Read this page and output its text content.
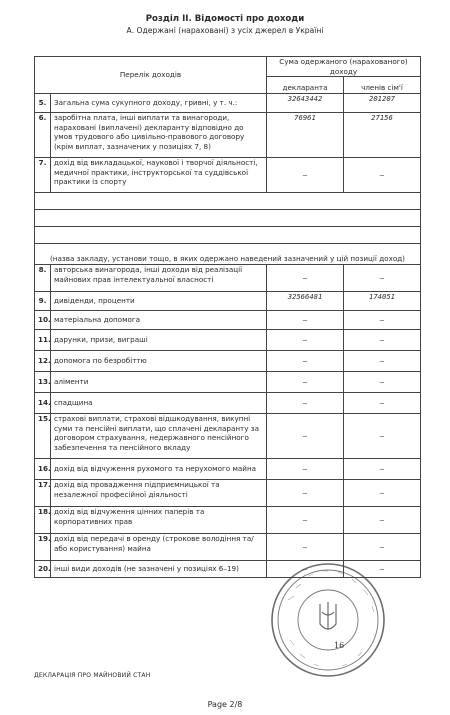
Розділ II. Відомості про доходи
А. Одержані (нараховані) з усіх джерел в Україні
Перелік доходів		Сума одержаного (нарахованого) доходу	
		декларанта	членів сім'ї
5.	Загальна сума сукупного доходу, гривні, у т. ч.:	32643442	201207
6.	заробітна плата, інші виплати та винагороди, нараховані (виплачені) декларанту відповідно до умов трудового або цивільно-правового договору (крім виплат, зазначених у позиціях 7, 8)	76961	27156
7.	дохід від викладацької, наукової і творчої діяльності, медичної практики, інструкторської та суддівської практики із спорту	—	—

(назва закладу, установи тощо, в яких одержано наведений зазначений у цій позиції доход)			
8.	авторська винагорода, інші доходи від реалізації майнових прав інтелектуальної власності	—	—
9.	дивіденди, проценти	32566481	174051
10.	матеріальна допомога	—	—
11.	дарунки, призи, виграші	—	—
12.	допомога по безробіттю	—	—
13.	аліменти	—	—
14.	спадщина	—	—
15.	страхові виплати, страхові відшкодування, викупні суми та пенсійні виплати, що сплачені декларанту за договором страхування, недержавного пенсійного забезпечення та пенсійного вкладу	—	—
16.	дохід від відчуження рухомого та нерухомого майна	—	—
17.	дохід від провадження підприємницької та незалежної професійної діяльності	—	—
18.	дохід від відчуження цінних паперів та корпоративних прав	—	—
19.	дохід від передачі в оренду (строкове володіння та/або користування) майна	—	—
20.	інші види доходів (не зазначені у позиціях 6–19)	—	—
16
ДЕКЛАРАЦІЯ ПРО МАЙНОВИЙ СТАН
Page 2/8
